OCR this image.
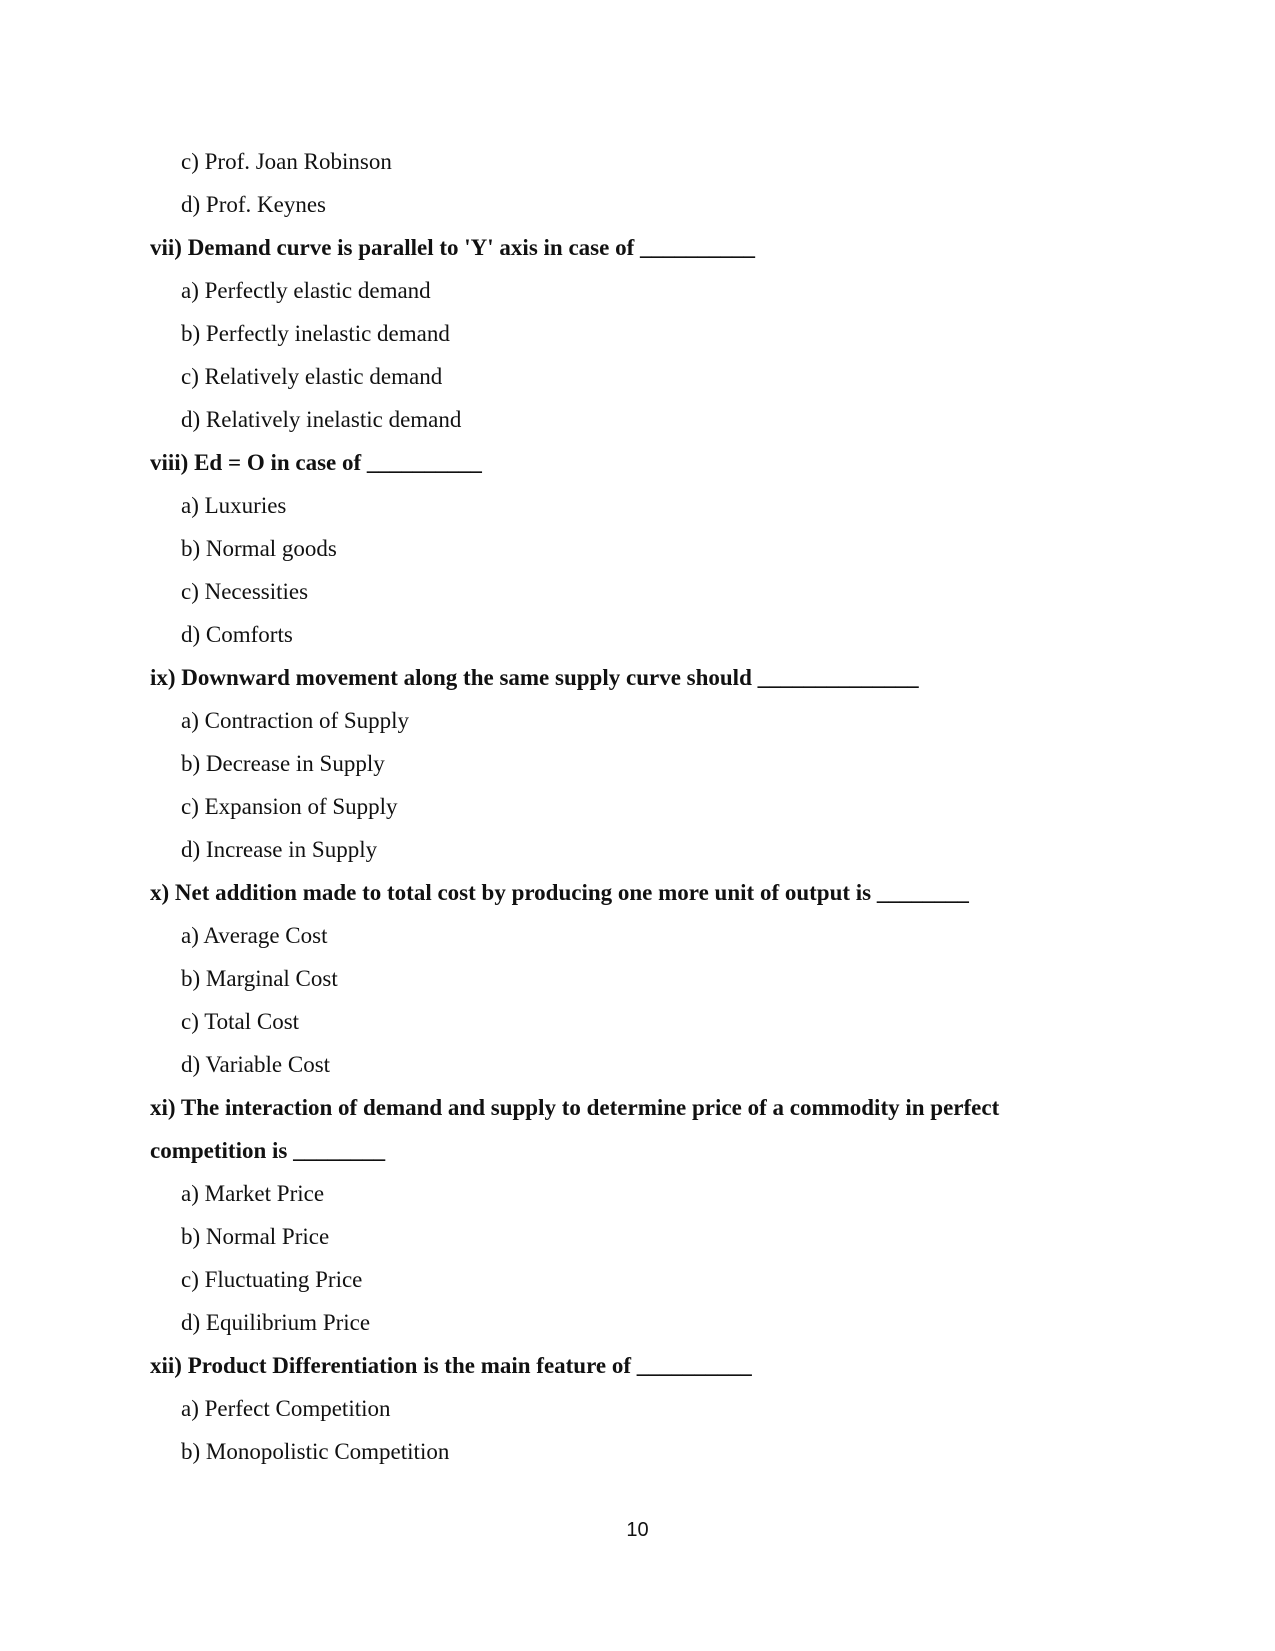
c) Prof. Joan Robinson
d) Prof. Keynes
vii) Demand curve is parallel to 'Y' axis in case of __________
a) Perfectly elastic demand
b) Perfectly inelastic demand
c) Relatively elastic demand
d) Relatively inelastic demand
viii) Ed = O in case of __________
a) Luxuries
b) Normal goods
c) Necessities
d) Comforts
ix) Downward movement along the same supply curve should ______________
a) Contraction of Supply
b) Decrease in Supply
c) Expansion of Supply
d) Increase in Supply
x) Net addition made to total cost by producing one more unit of output is ________
a) Average Cost
b) Marginal Cost
c) Total Cost
d) Variable Cost
xi) The interaction of demand and supply to determine price of a commodity in perfect
competition is ________
a) Market Price
b) Normal Price
c) Fluctuating Price
d) Equilibrium Price
xii) Product Differentiation is the main feature of __________
a) Perfect Competition
b) Monopolistic Competition
10
